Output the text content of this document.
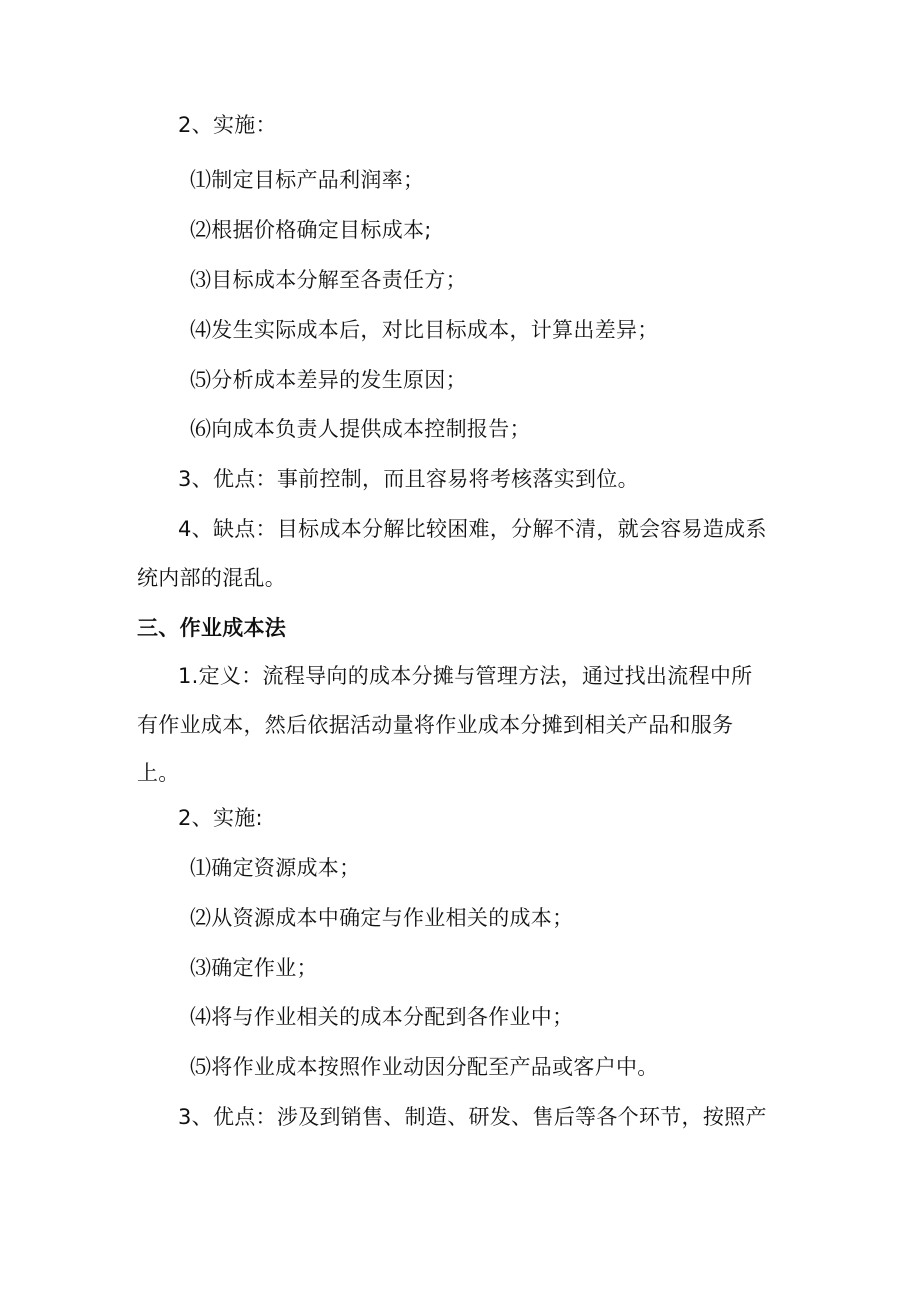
2、实施：
⑴制定目标产品利润率；
⑵根据价格确定目标成本;
⑶目标成本分解至各责任方；
⑷发生实际成本后，对比目标成本，计算出差异；
⑸分析成本差异的发生原因；
⑹向成本负责人提供成本控制报告；
3、优点：事前控制，而且容易将考核落实到位。
4、缺点：目标成本分解比较困难，分解不清，就会容易造成系
统内部的混乱。
三、作业成本法
1.定义：流程导向的成本分摊与管理方法，通过找出流程中所
有作业成本，然后依据活动量将作业成本分摊到相关产品和服务
上。
2、实施:
⑴确定资源成本；
⑵从资源成本中确定与作业相关的成本；
⑶确定作业；
⑷将与作业相关的成本分配到各作业中；
⑸将作业成本按照作业动因分配至产品或客户中。
3、优点：涉及到销售、制造、研发、售后等各个环节，按照产
